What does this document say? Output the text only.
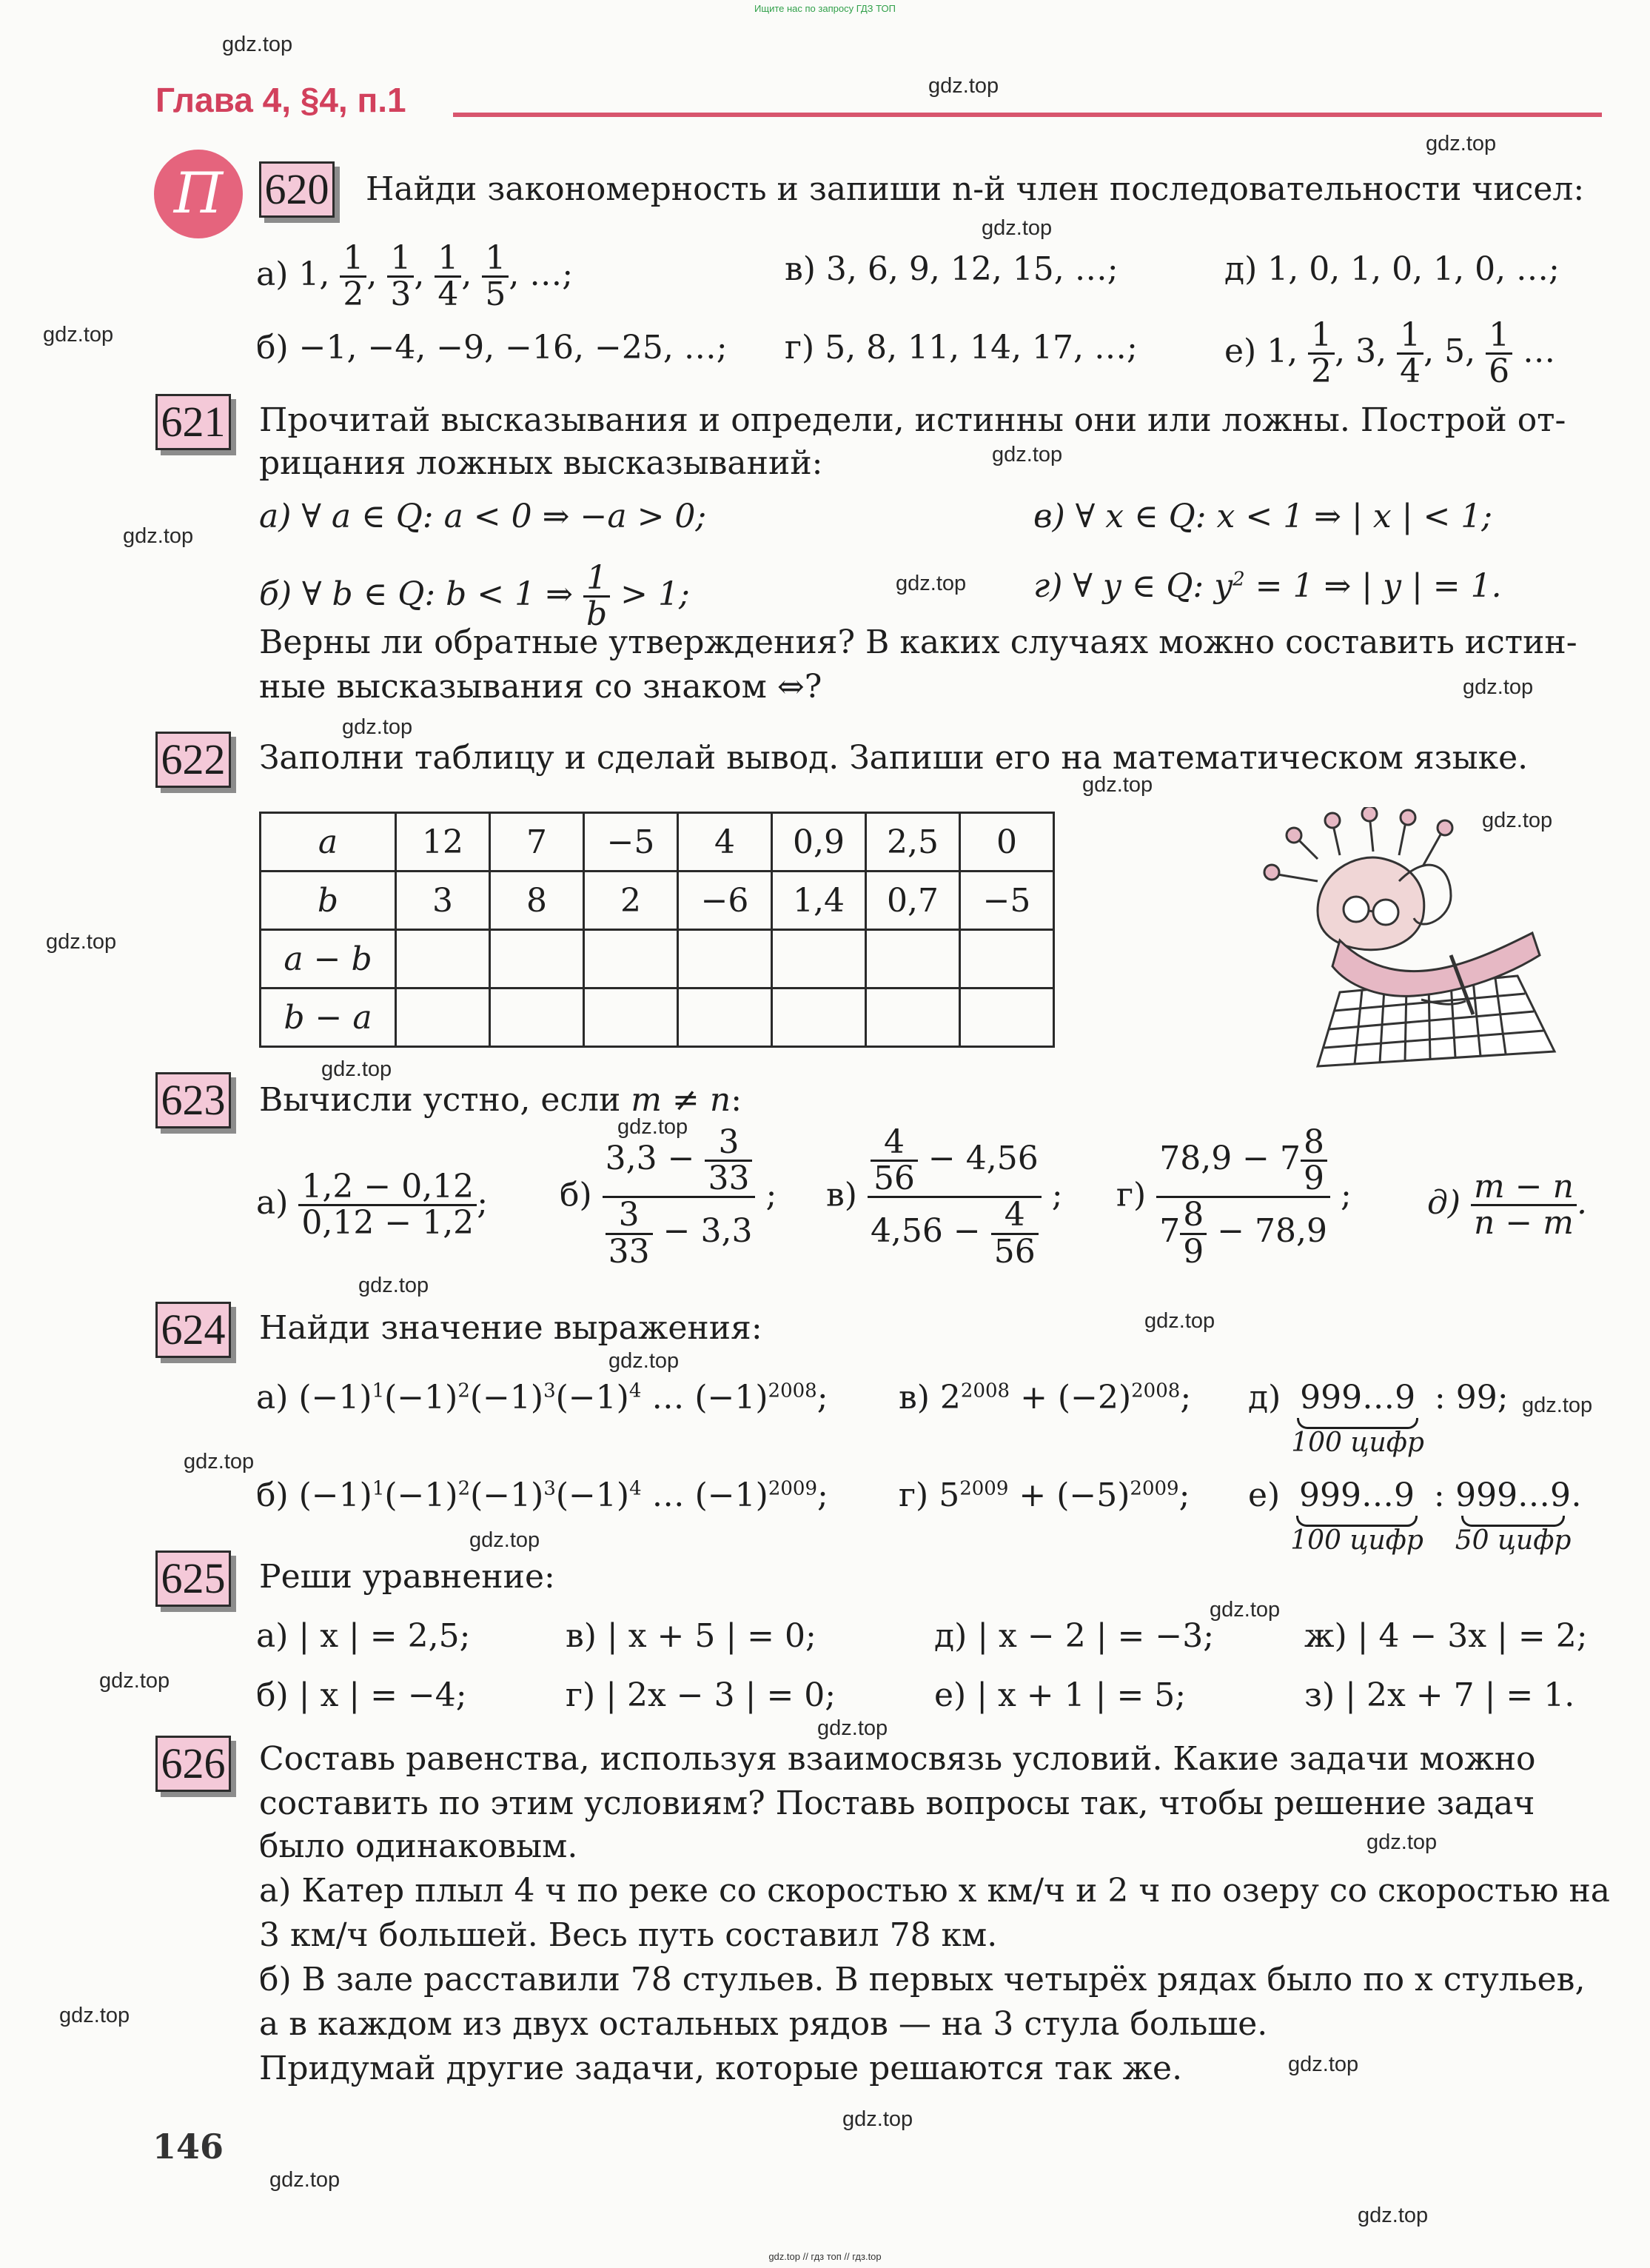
Ищите нас по запросу ГДЗ ТОП
Глава 4, §4, п.1
П
gdz.top
gdz.top
gdz.top
gdz.top
gdz.top
gdz.top
gdz.top
gdz.top
gdz.top
gdz.top
gdz.top
gdz.top
gdz.top
gdz.top
gdz.top
gdz.top
gdz.top
gdz.top
gdz.top
gdz.top
gdz.top
gdz.top
gdz.top
gdz.top
gdz.top
gdz.top
gdz.top
gdz.top
gdz.top
gdz.top
620 Найди закономерность и запиши n-й член последовательности чисел:
а) 1, $\frac{1}{2}$ , $\frac{1}{3}$ , $\frac{1}{4}$ , $\frac{1}{5}$ , …;
б) −1, −4, −9, −16, −25, …;
в) 3, 6, 9, 12, 15, …;
г) 5, 8, 11, 14, 17, …;
д) 1, 0, 1, 0, 1, 0, …;
е) 1, $\frac{1}{2}$ , 3, $\frac{1}{4}$ , 5, $\frac{1}{6}$ …
621 Прочитай высказывания и определи, истинны они или ложны. Построй от-
рицания ложных высказываний:
а) ∀ a ∈ Q: a < 0 ⇒ −a > 0;
б) ∀ b ∈ Q: b < 1 ⇒ $\frac{1}{b} > 1$;
в) ∀ x ∈ Q: x < 1 ⇒ | x | < 1;
г) ∀ y ∈ Q: $y^2 = 1$ ⇒ | y | = 1.
Верны ли обратные утверждения? В каких случаях можно составить истин-
ные высказывания со знаком ⇔?
622 Заполни таблицу и сделай вывод. Запиши его на математическом языке.
a	12	7	−5	4	0,9	2,5	0
b	3	8	2	−6	1,4	0,7	−5
a − b							
b − a							
623 Вычисли устно, если m ≠ n:
$а) \frac{1,2 - 0,12}{0,12 - 1,2}$ ; $б) \frac{3,3 - \frac{3}{33}}{\frac{3}{33} - 3,3}$ ; $в) \frac{\frac{4}{56} - 4,56}{4,56 - \frac{4}{56}}$ ; $г) \frac{78,9 - 7 \frac{8}{9}}{7 \frac{8}{9} - 78,9}$ ; $д) \frac{m - n}{n - m}$ .
624 Найди значение выражения:
а) $(-1)^1(-1)^2(-1)^3(-1)^4$ … $(-1)^{2008}$;
б) $(-1)^1(-1)^2(-1)^3(-1)^4$ … $(-1)^{2009}$;
в) $2^{2008} + (-2)^{2008}$;
г) $5^{2009} + (-5)^{2009}$;
д) 999…9
100 цифр
: 99;
е) 999…9
100 цифр
: 999…9
50 цифр
.
625 Реши уравнение:
а) | x | = 2,5;
б) | x | = −4;
в) | x + 5 | = 0;
г) | 2x − 3 | = 0;
д) | x − 2 | = −3;
е) | x + 1 | = 5;
ж) | 4 − 3x | = 2;
з) | 2x + 7 | = 1.
626 Составь равенства, используя взаимосвязь условий. Какие задачи можно
составить по этим условиям? Поставь вопросы так, чтобы решение задач
было одинаковым.
а) Катер плыл 4 ч по реке со скоростью x км/ч и 2 ч по озеру со скоростью на
3 км/ч большей. Весь путь составил 78 км.
б) В зале расставили 78 стульев. В первых четырёх рядах было по x стульев,
а в каждом из двух остальных рядов — на 3 стула больше.
Придумай другие задачи, которые решаются так же.
146
gdz.top // гдз топ // гдз.top
